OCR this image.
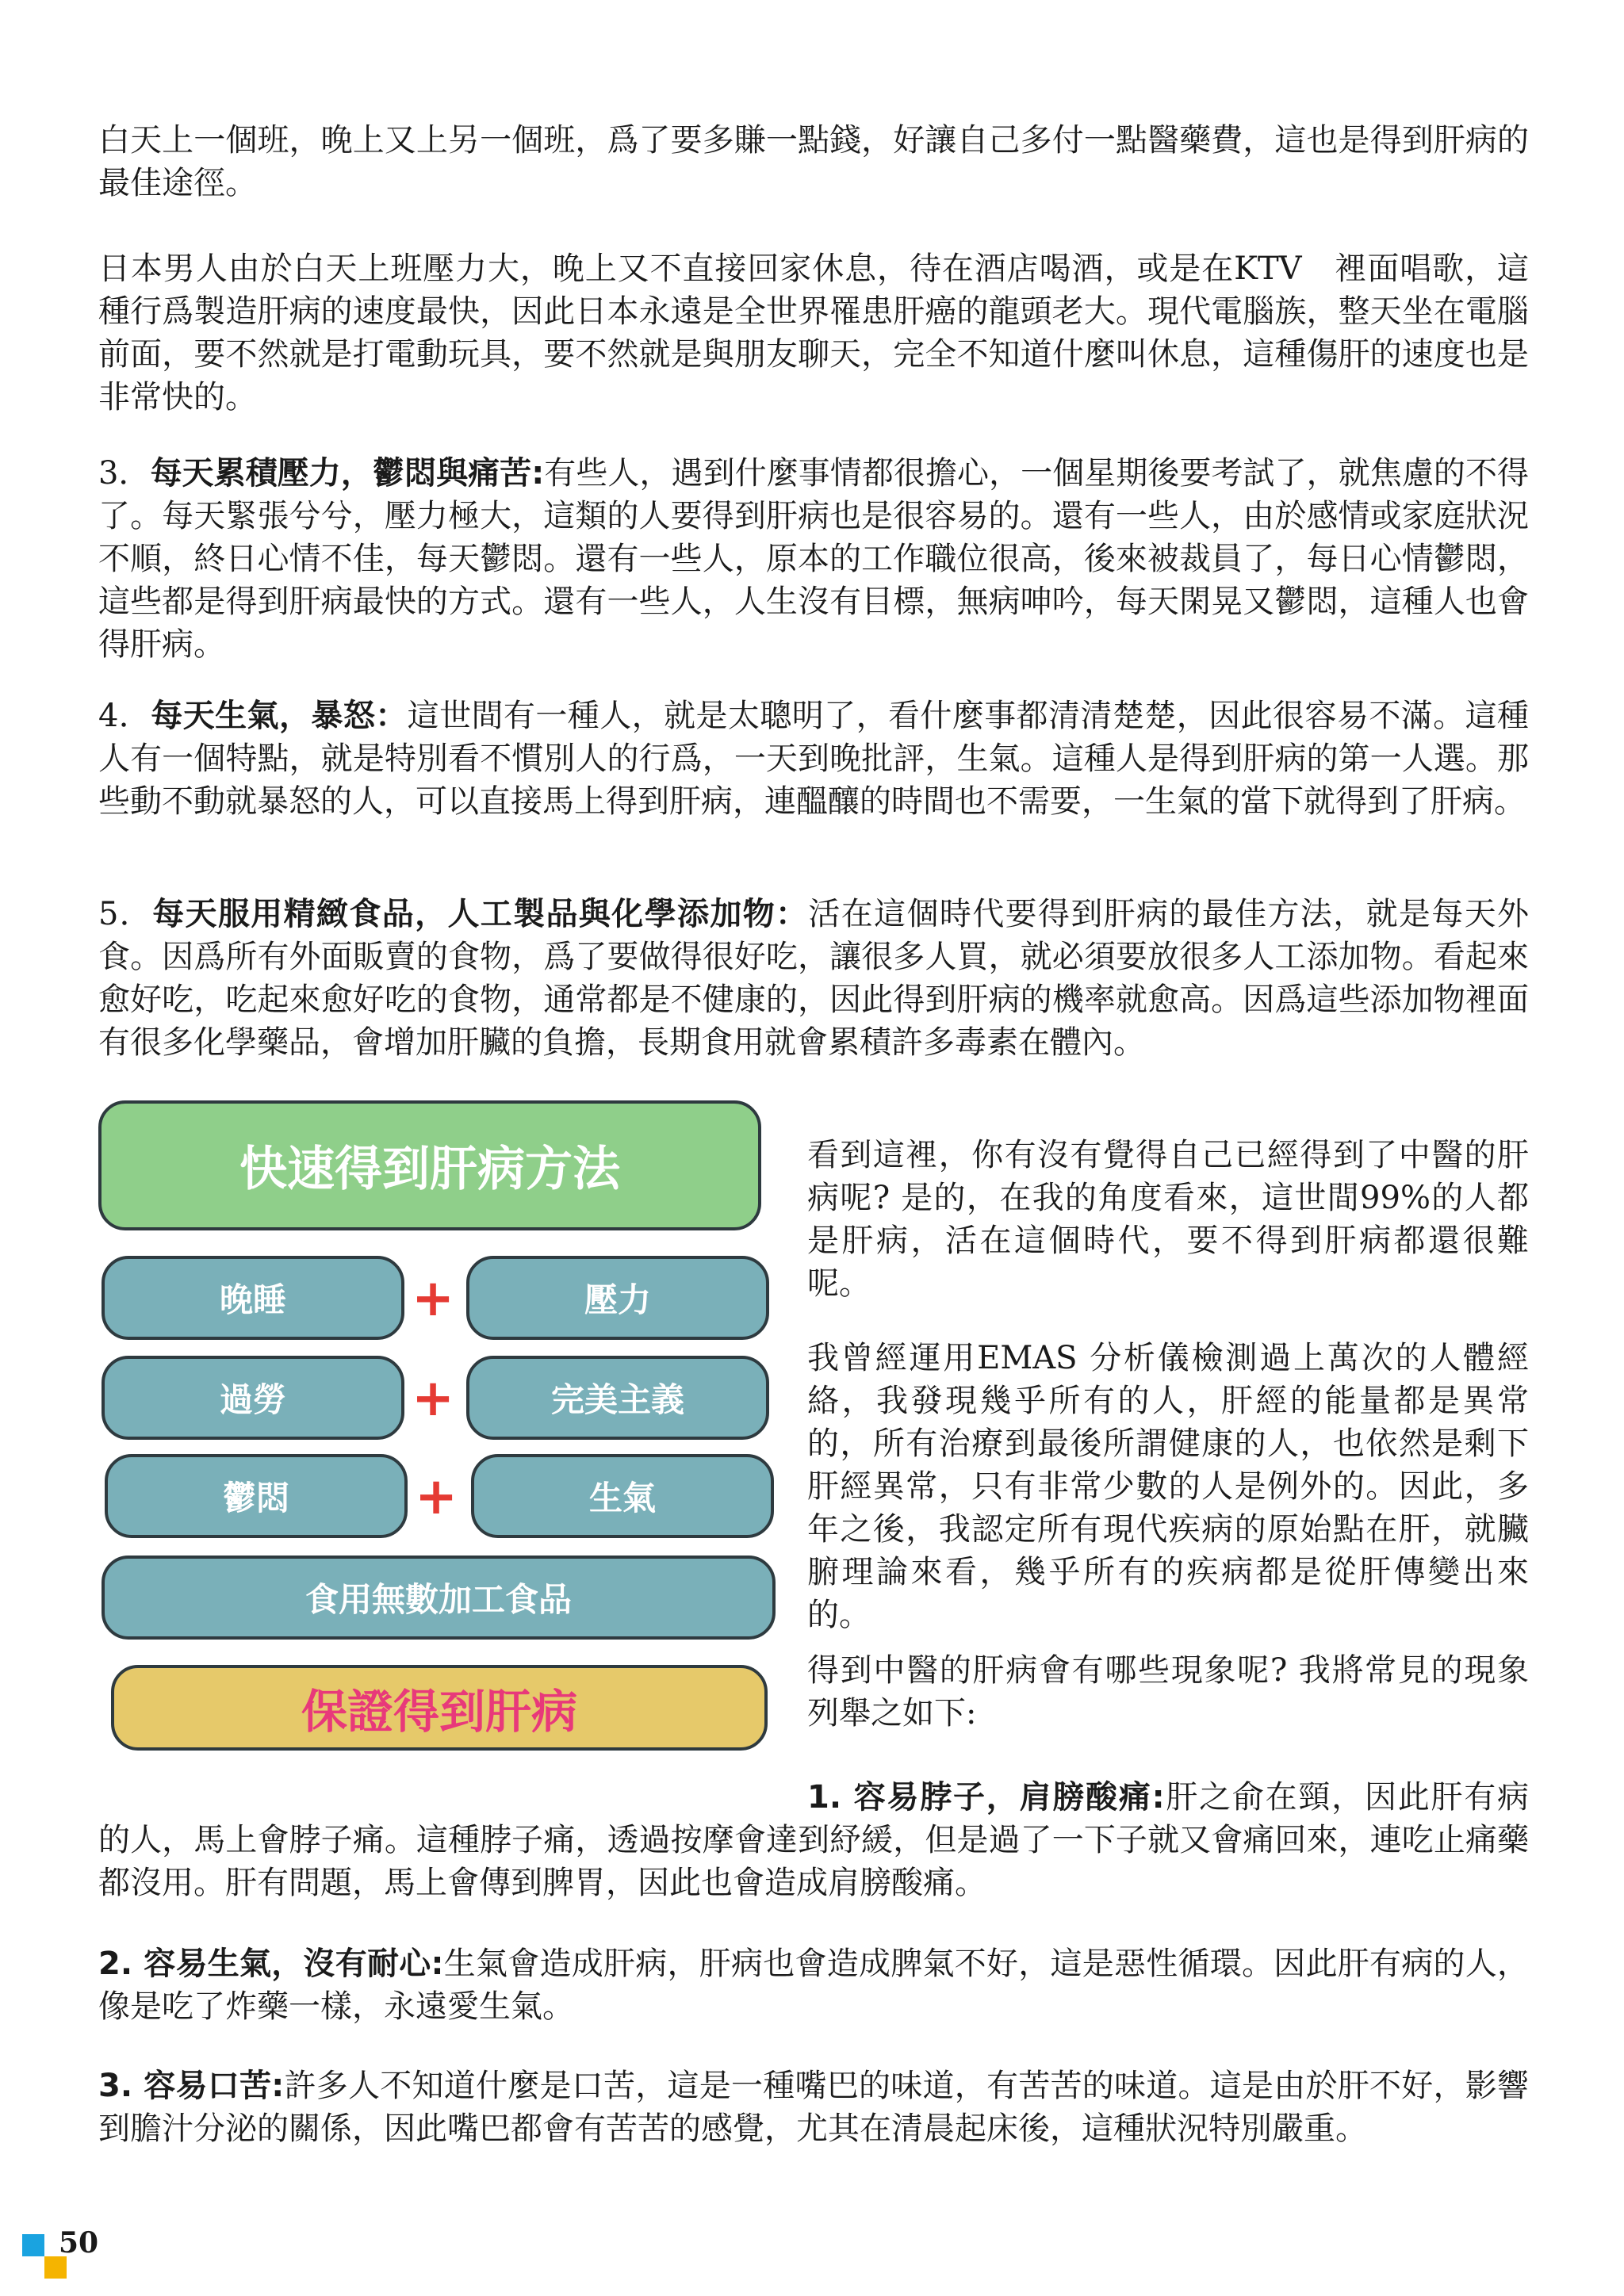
白天上一個班，晚上又上另一個班，爲了要多賺一點錢，好讓自己多付一點醫藥費，這也是得到肝病的最佳途徑。

日本男人由於白天上班壓力大，晚上又不直接回家休息，待在酒店喝酒，或是在KTV　裡面唱歌，這種行爲製造肝病的速度最快，因此日本永遠是全世界罹患肝癌的龍頭老大。現代電腦族，整天坐在電腦前面，要不然就是打電動玩具，要不然就是與朋友聊天，完全不知道什麼叫休息，這種傷肝的速度也是非常快的。

3．每天累積壓力，鬱悶與痛苦:有些人，遇到什麼事情都很擔心，一個星期後要考試了，就焦慮的不得了。每天緊張兮兮，壓力極大，這類的人要得到肝病也是很容易的。還有一些人，由於感情或家庭狀況不順，終日心情不佳，每天鬱悶。還有一些人，原本的工作職位很高，後來被裁員了，每日心情鬱悶，這些都是得到肝病最快的方式。還有一些人，人生沒有目標，無病呻吟，每天閑晃又鬱悶，這種人也會得肝病。

4．每天生氣，暴怒：這世間有一種人，就是太聰明了，看什麼事都清清楚楚，因此很容易不滿。這種人有一個特點，就是特別看不慣別人的行爲，一天到晚批評，生氣。這種人是得到肝病的第一人選。那些動不動就暴怒的人，可以直接馬上得到肝病，連醞釀的時間也不需要，一生氣的當下就得到了肝病。

5．每天服用精緻食品，人工製品與化學添加物：活在這個時代要得到肝病的最佳方法，就是每天外食。因爲所有外面販賣的食物，爲了要做得很好吃，讓很多人買，就必須要放很多人工添加物。看起來愈好吃，吃起來愈好吃的食物，通常都是不健康的，因此得到肝病的機率就愈高。因爲這些添加物裡面有很多化學藥品，會增加肝臟的負擔，長期食用就會累積許多毒素在體內。

快速得到肝病方法
晚睡	+	壓力
過勞	+	完美主義
鬱悶	+	生氣
食用無數加工食品
保證得到肝病

看到這裡，你有沒有覺得自己已經得到了中醫的肝病呢? 是的，在我的角度看來，這世間99%的人都是肝病，活在這個時代，要不得到肝病都還很難呢。

我曾經運用EMAS 分析儀檢測過上萬次的人體經絡，我發現幾乎所有的人，肝經的能量都是異常的，所有治療到最後所謂健康的人，也依然是剩下肝經異常，只有非常少數的人是例外的。因此，多年之後，我認定所有現代疾病的原始點在肝，就臟腑理論來看，幾乎所有的疾病都是從肝傳變出來的。

得到中醫的肝病會有哪些現象呢? 我將常見的現象列舉之如下:

1. 容易脖子，肩膀酸痛:肝之俞在頸，因此肝有病的人，馬上會脖子痛。這種脖子痛，透過按摩會達到紓緩，但是過了一下子就又會痛回來，連吃止痛藥都沒用。肝有問題，馬上會傳到脾胃，因此也會造成肩膀酸痛。

2. 容易生氣，沒有耐心:生氣會造成肝病，肝病也會造成脾氣不好，這是惡性循環。因此肝有病的人，像是吃了炸藥一樣，永遠愛生氣。

3. 容易口苦:許多人不知道什麼是口苦，這是一種嘴巴的味道，有苦苦的味道。這是由於肝不好，影響到膽汁分泌的關係，因此嘴巴都會有苦苦的感覺，尤其在清晨起床後，這種狀況特別嚴重。

50
